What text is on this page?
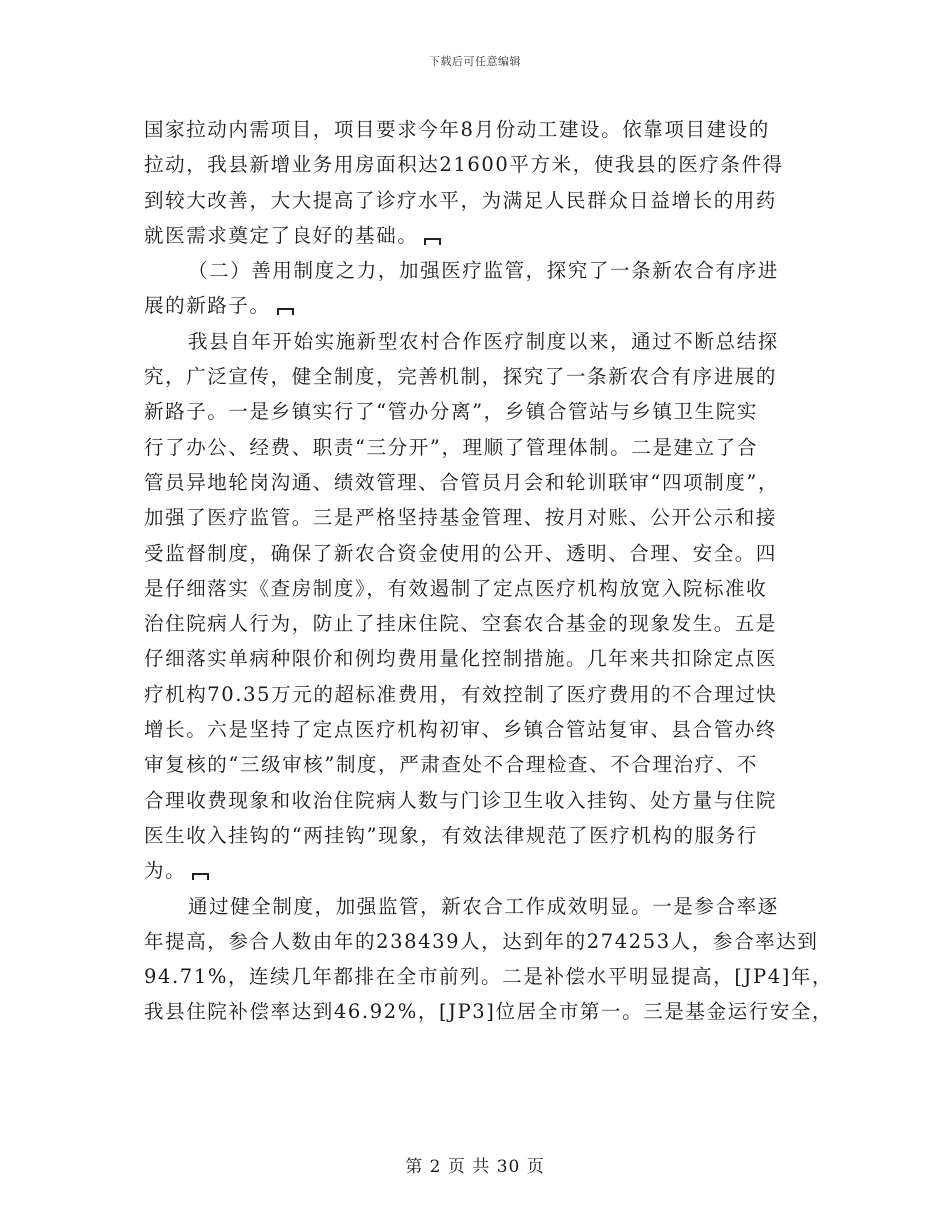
下载后可任意编辑
国家拉动内需项目，项目要求今年8月份动工建设。依靠项目建设的
拉动，我县新增业务用房面积达21600平方米，使我县的医疗条件得
到较大改善，大大提高了诊疗水平，为满足人民群众日益增长的用药
就医需求奠定了良好的基础。
（二）善用制度之力，加强医疗监管，探究了一条新农合有序进
展的新路子。
我县自年开始实施新型农村合作医疗制度以来，通过不断总结探
究，广泛宣传，健全制度，完善机制，探究了一条新农合有序进展的
新路子。一是乡镇实行了“管办分离”，乡镇合管站与乡镇卫生院实
行了办公、经费、职责“三分开”，理顺了管理体制。二是建立了合
管员异地轮岗沟通、绩效管理、合管员月会和轮训联审“四项制度”，
加强了医疗监管。三是严格坚持基金管理、按月对账、公开公示和接
受监督制度，确保了新农合资金使用的公开、透明、合理、安全。四
是仔细落实《查房制度》，有效遏制了定点医疗机构放宽入院标准收
治住院病人行为，防止了挂床住院、空套农合基金的现象发生。五是
仔细落实单病种限价和例均费用量化控制措施。几年来共扣除定点医
疗机构70.35万元的超标准费用，有效控制了医疗费用的不合理过快
增长。六是坚持了定点医疗机构初审、乡镇合管站复审、县合管办终
审复核的“三级审核”制度，严肃查处不合理检查、不合理治疗、不
合理收费现象和收治住院病人数与门诊卫生收入挂钩、处方量与住院
医生收入挂钩的“两挂钩”现象，有效法律规范了医疗机构的服务行
为。
通过健全制度，加强监管，新农合工作成效明显。一是参合率逐
年提高，参合人数由年的238439人，达到年的274253人，参合率达到
94.71%，连续几年都排在全市前列。二是补偿水平明显提高，[JP4]年，
我县住院补偿率达到46.92%，[JP3]位居全市第一。三是基金运行安全，
第 2 页 共 30 页
